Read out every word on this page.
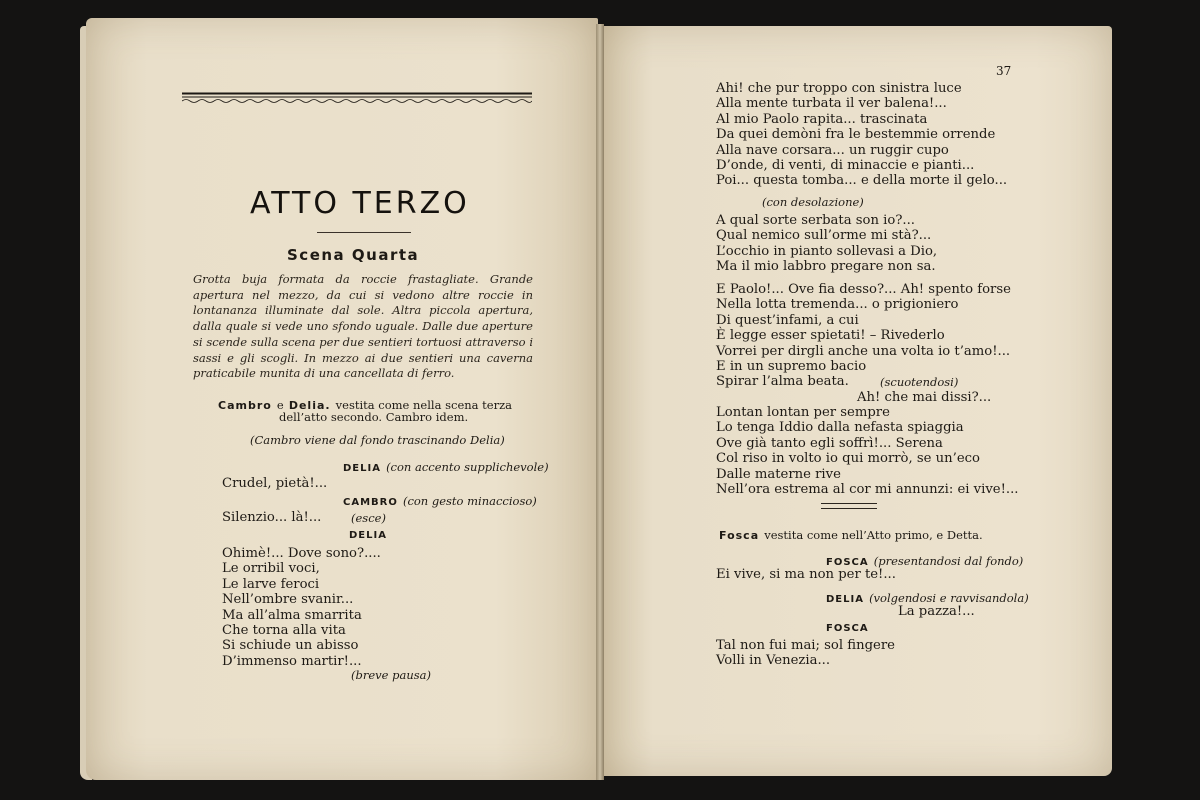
ATTO TERZO
Scena Quarta
Grotta buja formata da roccie frastagliate. Grande apertura nel mezzo, da cui si vedono altre roccie in lontananza illuminate dal sole. Altra piccola apertura, dalla quale si vede uno sfondo uguale. Dalle due aperture si scende sulla scena per due sentieri tortuosi attraverso i sassi e gli scogli. In mezzo ai due sentieri una caverna praticabile munita di una cancellata di ferro.
Cambro e Delia. vestita come nella scena terza
dell’atto secondo. Cambro idem.
(Cambro viene dal fondo trascinando Delia)
DELIA (con accento supplichevole)
Crudel, pietà!...
CAMBRO (con gesto minaccioso)
Silenzio... là!...	(esce)
DELIA
Ohimè!... Dove sono?....
Le orribil voci,
Le larve feroci
Nell’ombre svanir...
Ma all’alma smarrita
Che torna alla vita
Si schiude un abisso
D’immenso martir!...
(breve pausa)
37
Ahi! che pur troppo con sinistra luce
Alla mente turbata il ver balena!...
Al mio Paolo rapita... trascinata
Da quei demòni fra le bestemmie orrende
Alla nave corsara... un ruggir cupo
D’onde, di venti, di minaccie e pianti...
Poi... questa tomba... e della morte il gelo...
(con desolazione)
A qual sorte serbata son io?...
Qual nemico sull’orme mi stà?...
L’occhio in pianto sollevasi a Dio,
Ma il mio labbro pregare non sa.
E Paolo!... Ove fia desso?... Ah! spento forse
Nella lotta tremenda... o prigioniero
Di quest’infami, a cui
È legge esser spietati! – Rivederlo
Vorrei per dirgli anche una volta io t’amo!...
E in un supremo bacio
Spirar l’alma beata.	(scuotendosi)
Ah! che mai dissi?...
Lontan lontan per sempre
Lo tenga Iddio dalla nefasta spiaggia
Ove già tanto egli soffrì!... Serena
Col riso in volto io qui morrò, se un’eco
Dalle materne rive
Nell’ora estrema al cor mi annunzi: ei vive!...
Fosca vestita come nell’Atto primo, e Detta.
FOSCA (presentandosi dal fondo)
Ei vive, si ma non per te!...
DELIA (volgendosi e ravvisandola)
La pazza!...
FOSCA
Tal non fui mai; sol fingere
Volli in Venezia...
